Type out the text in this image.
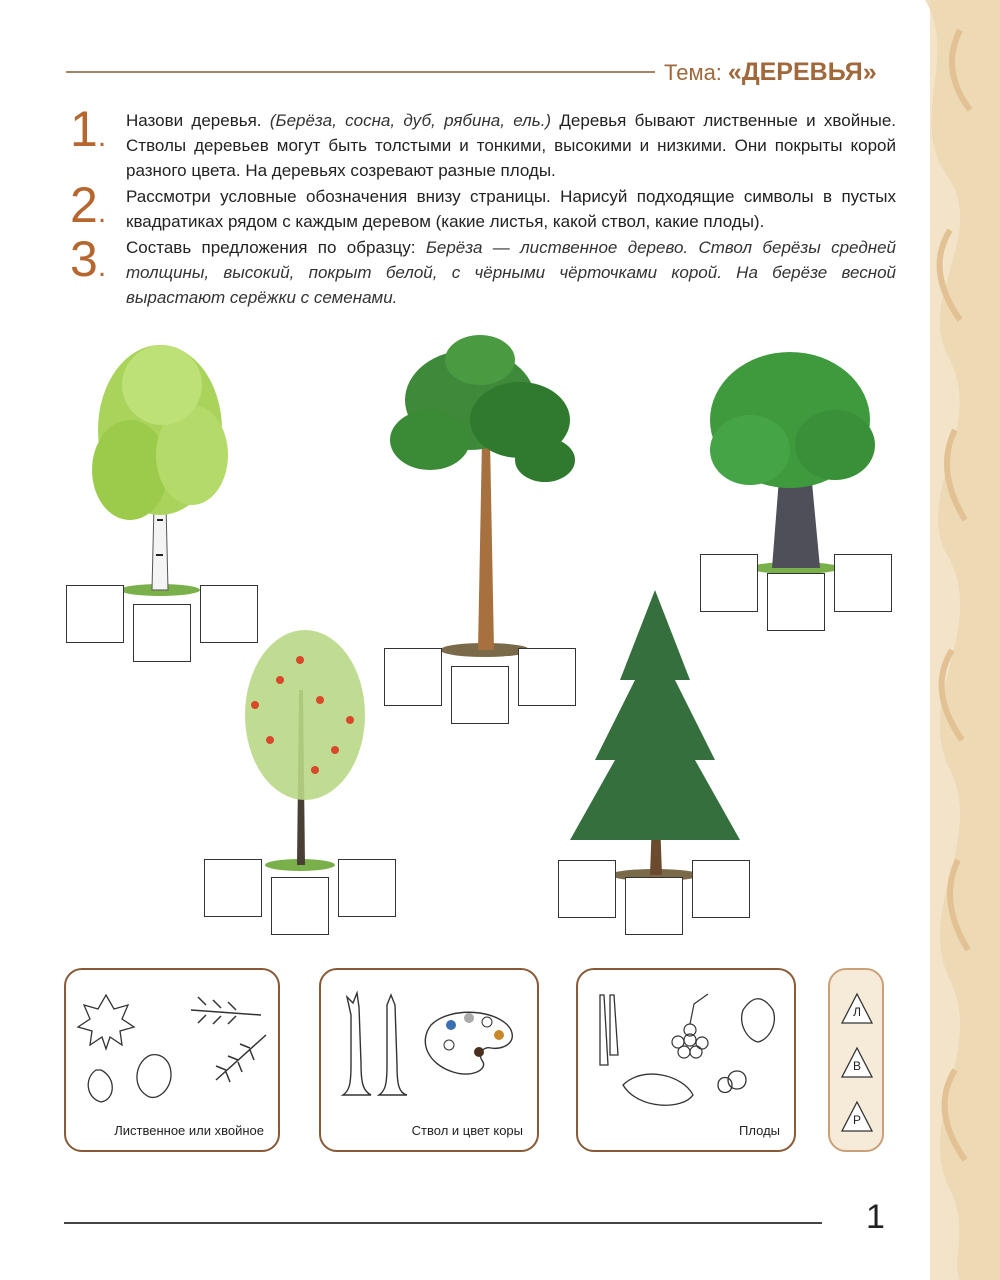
Тема: «ДЕРЕВЬЯ»
1.
2.
3.
Назови деревья. (Берёза, сосна, дуб, рябина, ель.) Деревья бывают лиственные и хвойные. Стволы деревьев могут быть толстыми и тонкими, высокими и низкими. Они покрыты корой разного цвета. На деревьях созревают разные плоды.
Рассмотри условные обозначения внизу страницы. Нарисуй подходящие символы в пустых квадратиках рядом с каждым деревом (какие листья, какой ствол, какие плоды).
Составь предложения по образцу: Берёза — лиственное дерево. Ствол берёзы средней толщины, высокий, покрыт белой, с чёрными чёрточками корой. На берёзе весной вырастают серёжки с семенами.
Лиственное или хвойное	Ствол и цвет коры	Плоды
Л
В
Р
1
